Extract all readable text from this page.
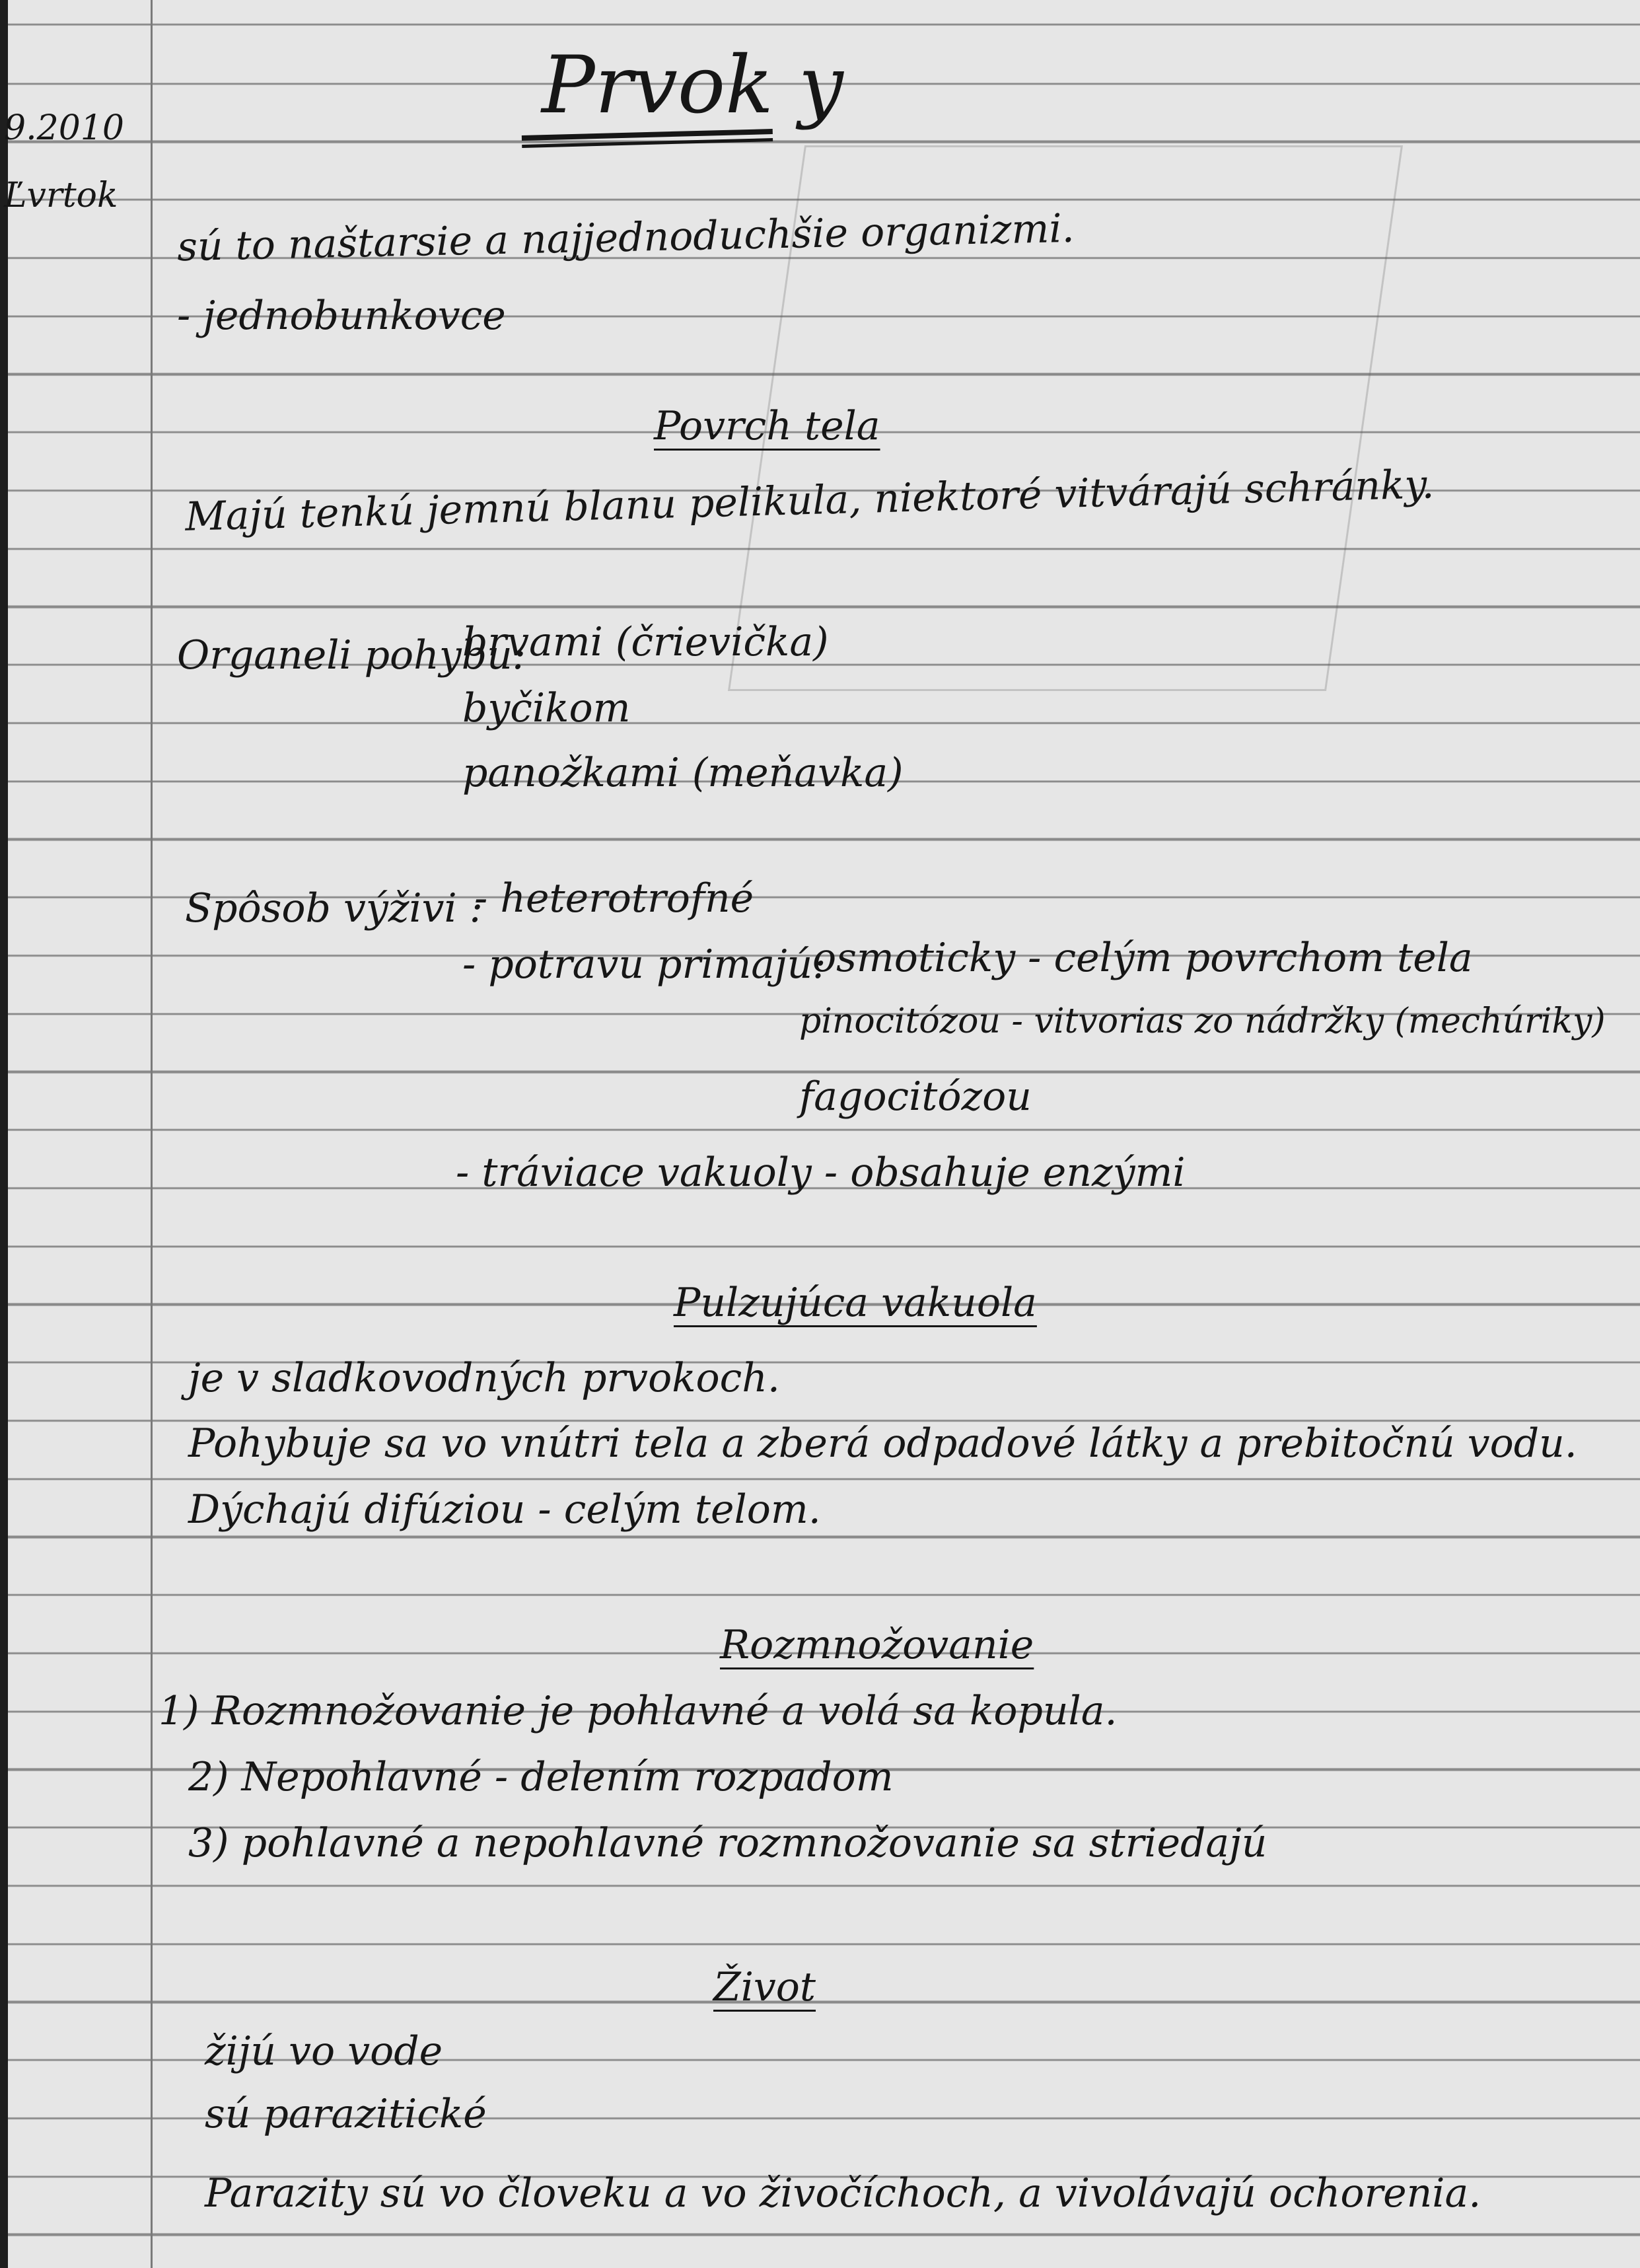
Prvok y
9.2010
Ľvrtok
sú to naštarsie a najjednoduchšie organizmi.
- jednobunkovce
Povrch tela
Majú tenkú jemnú blanu pelikula, niektoré vitvárajú schránky.
Organeli pohybu:
brvami (črievička)
byčikom
panožkami (meňavka)
Spôsob výživi :
- heterotrofné
- potravu primajú:
osmoticky - celým povrchom tela
pinocitózou - vitvorias zo nádržky (mechúriky)
fagocitózou
- tráviace vakuoly - obsahuje enzými
Pulzujúca vakuola
je v sladkovodných prvokoch.
Pohybuje sa vo vnútri tela a zberá odpadové látky a prebitočnú vodu.
Dýchajú difúziou - celým telom.
Rozmnožovanie
1) Rozmnožovanie je pohlavné a volá sa kopula.
2) Nepohlavné - delením rozpadom
3) pohlavné a nepohlavné rozmnožovanie sa striedajú
Život
žijú vo vode
sú parazitické
Parazity sú vo človeku a vo živočíchoch, a vivolávajú ochorenia.
